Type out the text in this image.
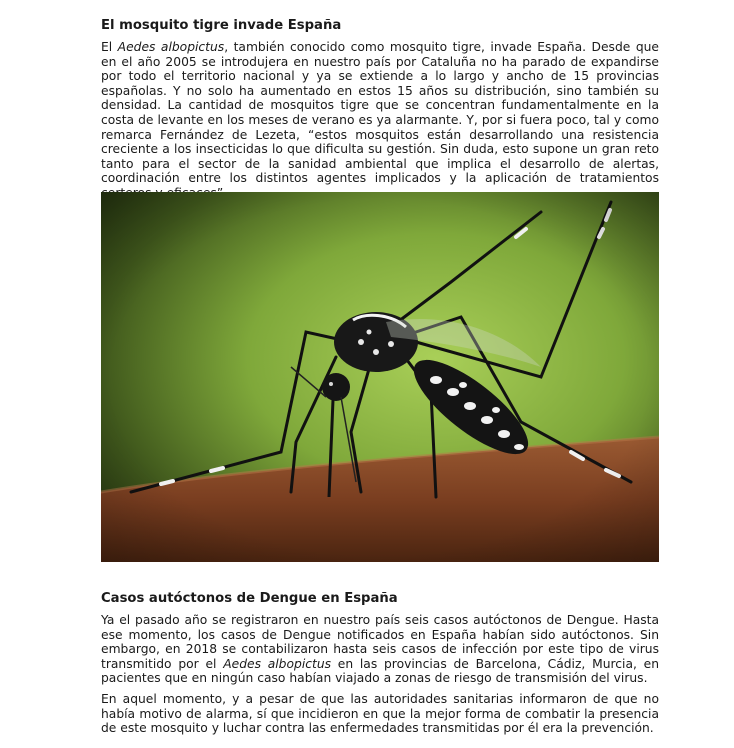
El mosquito tigre invade España

El Aedes albopictus, también conocido como mosquito tigre, invade España. Desde que en el año 2005 se introdujera en nuestro país por Cataluña no ha parado de expandirse por todo el territorio nacional y ya se extiende a lo largo y ancho de 15 provincias españolas. Y no solo ha aumentado en estos 15 años su distribución, sino también su densidad. La cantidad de mosquitos tigre que se concentran fundamentalmente en la costa de levante en los meses de verano es ya alarmante. Y, por si fuera poco, tal y como remarca Fernández de Lezeta, “estos mosquitos están desarrollando una resistencia creciente a los insecticidas lo que dificulta su gestión. Sin duda, esto supone un gran reto tanto para el sector de la sanidad ambiental que implica el desarrollo de alertas, coordinación entre los distintos agentes implicados y la aplicación de tratamientos

Casos autóctonos de Dengue en España

Ya el pasado año se registraron en nuestro país seis casos autóctonos de Dengue. Hasta ese momento, los casos de Dengue notificados en España habían sido autóctonos. Sin embargo, en 2018 se contabilizaron hasta seis casos de infección por este tipo de virus transmitido por el Aedes albopictus en las provincias de Barcelona, Cádiz, Murcia, en pacientes que en ningún caso habían viajado a zonas de riesgo de transmisión del virus.

En aquel momento, y a pesar de que las autoridades sanitarias informaron de que no había motivo de alarma, sí que incidieron en que la mejor forma de combatir la presencia de este mosquito y luchar contra las enfermedades transmitidas por él era la prevención.
